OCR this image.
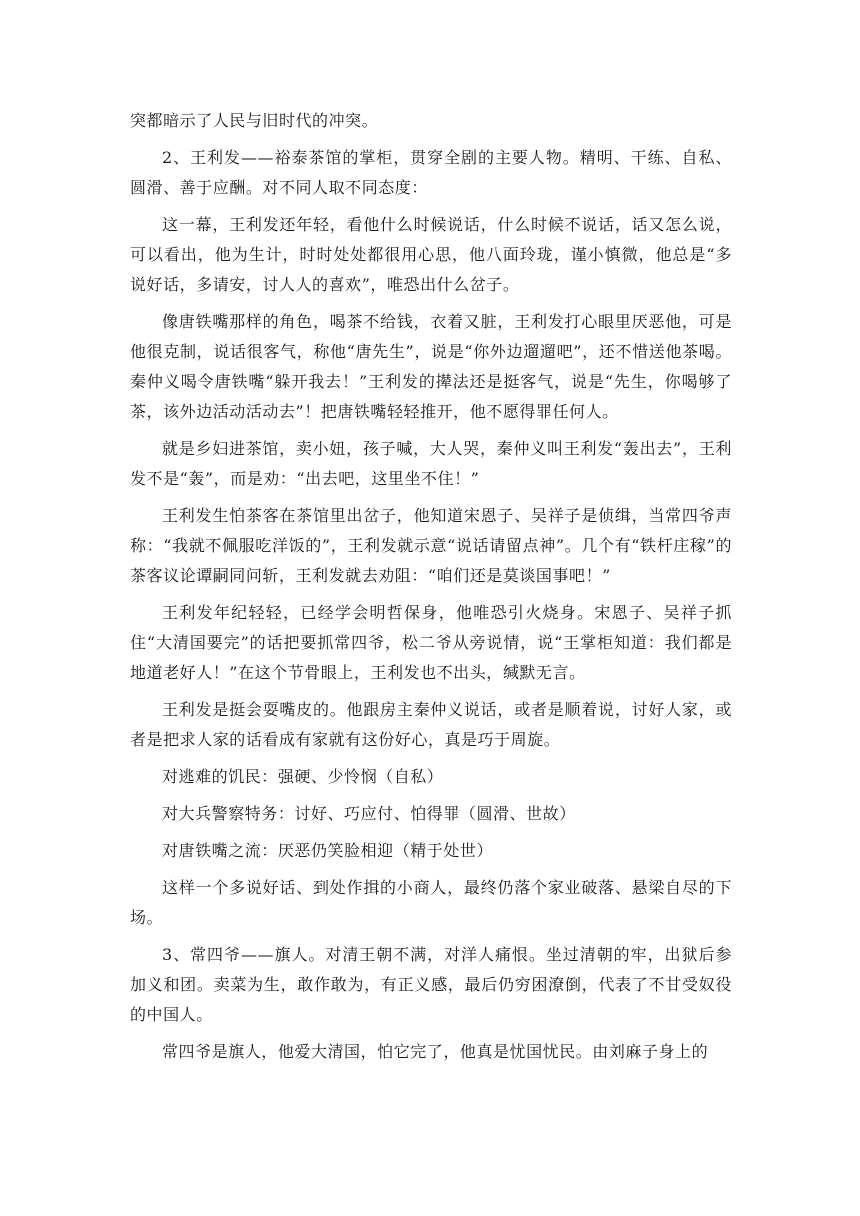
突都暗示了人民与旧时代的冲突。

2、王利发——裕泰茶馆的掌柜，贯穿全剧的主要人物。精明、干练、自私、圆滑、善于应酬。对不同人取不同态度：

这一幕，王利发还年轻，看他什么时候说话，什么时候不说话，话又怎么说，可以看出，他为生计，时时处处都很用心思，他八面玲珑，谨小慎微，他总是“多说好话，多请安，讨人人的喜欢”，唯恐出什么岔子。

像唐铁嘴那样的角色，喝茶不给钱，衣着又脏，王利发打心眼里厌恶他，可是他很克制，说话很客气，称他“唐先生”，说是“你外边遛遛吧”，还不惜送他茶喝。秦仲义喝令唐铁嘴“躲开我去！”王利发的撵法还是挺客气，说是“先生，你喝够了茶，该外边活动活动去”！把唐铁嘴轻轻推开，他不愿得罪任何人。

就是乡妇进茶馆，卖小妞，孩子喊，大人哭，秦仲义叫王利发“轰出去”，王利发不是“轰”，而是劝：“出去吧，这里坐不住！”

王利发生怕茶客在茶馆里出岔子，他知道宋恩子、吴祥子是侦缉，当常四爷声称：“我就不佩服吃洋饭的”，王利发就示意“说话请留点神”。几个有“铁杆庄稼”的茶客议论谭嗣同问斩，王利发就去劝阻：“咱们还是莫谈国事吧！”

王利发年纪轻轻，已经学会明哲保身，他唯恐引火烧身。宋恩子、吴祥子抓住“大清国要完”的话把要抓常四爷，松二爷从旁说情，说“王掌柜知道：我们都是地道老好人！”在这个节骨眼上，王利发也不出头，缄默无言。

王利发是挺会耍嘴皮的。他跟房主秦仲义说话，或者是顺着说，讨好人家，或者是把求人家的话看成有家就有这份好心，真是巧于周旋。

对逃难的饥民：强硬、少怜悯（自私）

对大兵警察特务：讨好、巧应付、怕得罪（圆滑、世故）

对唐铁嘴之流：厌恶仍笑脸相迎（精于处世）

这样一个多说好话、到处作揖的小商人，最终仍落个家业破落、悬梁自尽的下场。

3、常四爷——旗人。对清王朝不满，对洋人痛恨。坐过清朝的牢，出狱后参加义和团。卖菜为生，敢作敢为，有正义感，最后仍穷困潦倒，代表了不甘受奴役的中国人。

常四爷是旗人，他爱大清国，怕它完了，他真是忧国忧民。由刘麻子身上的
